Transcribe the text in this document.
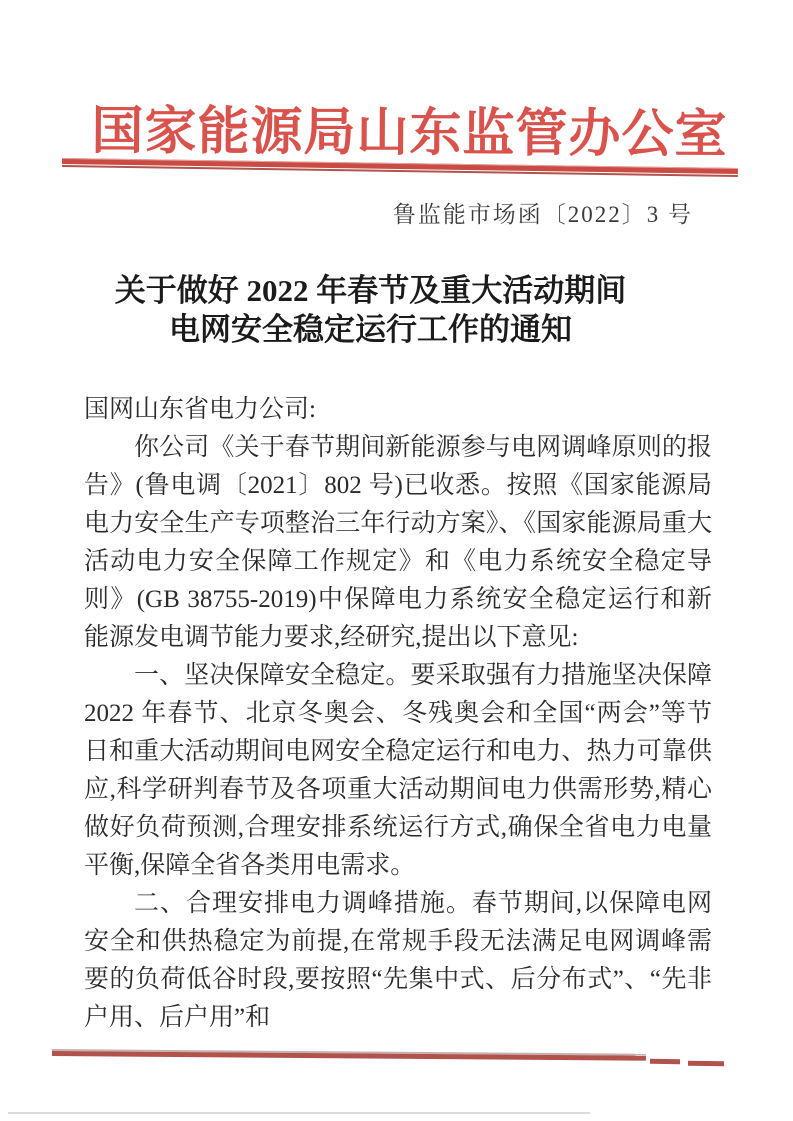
国家能源局山东监管办公室
鲁监能市场函〔2022〕3 号
关于做好 2022 年春节及重大活动期间
电网安全稳定运行工作的通知

国网山东省电力公司:

你公司《关于春节期间新能源参与电网调峰原则的报告》(鲁电调〔2021〕802 号)已收悉。按照《国家能源局电力安全生产专项整治三年行动方案》、《国家能源局重大活动电力安全保障工作规定》和《电力系统安全稳定导则》(GB 38755-2019)中保障电力系统安全稳定运行和新能源发电调节能力要求,经研究,提出以下意见:

一、坚决保障安全稳定。要采取强有力措施坚决保障 2022 年春节、北京冬奥会、冬残奥会和全国“两会”等节日和重大活动期间电网安全稳定运行和电力、热力可靠供应,科学研判春节及各项重大活动期间电力供需形势,精心做好负荷预测,合理安排系统运行方式,确保全省电力电量平衡,保障全省各类用电需求。

二、合理安排电力调峰措施。春节期间,以保障电网安全和供热稳定为前提,在常规手段无法满足电网调峰需要的负荷低谷时段,要按照“先集中式、后分布式”、“先非户用、后户用”和
